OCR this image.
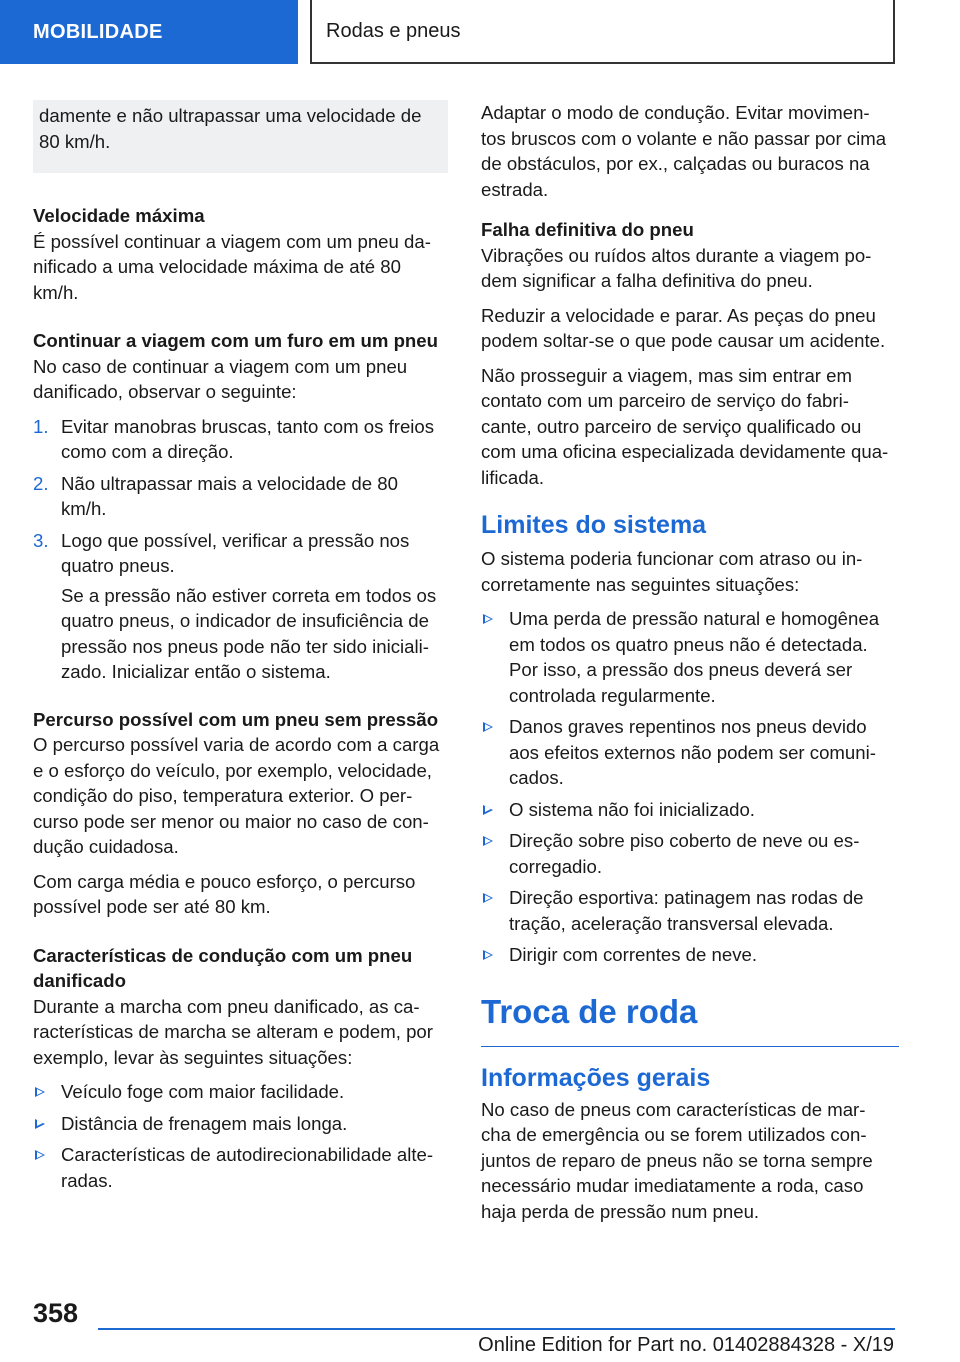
MOBILIDADE	Rodas e pneus
damente e não ultrapassar uma velocidade de 80 km/h.
Velocidade máxima

É possível continuar a viagem com um pneu da‐ nificado a uma velocidade máxima de até 80 km/h.

Continuar a viagem com um furo em um pneu

No caso de continuar a viagem com um pneu danificado, observar o seguinte:

1. Evitar manobras bruscas, tanto com os freios como com a direção.
2. Não ultrapassar mais a velocidade de 80 km/h.
3. Logo que possível, verificar a pressão nos quatro pneus.
Se a pressão não estiver correta em todos os quatro pneus, o indicador de insuficiência de pressão nos pneus pode não ter sido iniciali‐ zado. Inicializar então o sistema.
Percurso possível com um pneu sem pressão

O percurso possível varia de acordo com a carga e o esforço do veículo, por exemplo, velocidade, condição do piso, temperatura exterior. O per‐ curso pode ser menor ou maior no caso de con‐ dução cuidadosa.

Com carga média e pouco esforço, o percurso possível pode ser até 80 km.

Características de condução com um pneu danificado

Durante a marcha com pneu danificado, as ca‐ racterísticas de marcha se alteram e podem, por exemplo, levar às seguintes situações:

Veículo foge com maior facilidade.
Distância de frenagem mais longa.
Características de autodirecionabilidade alte‐ radas.

Adaptar o modo de condução. Evitar movimen‐ tos bruscos com o volante e não passar por cima de obstáculos, por ex., calçadas ou buracos na estrada.

Falha definitiva do pneu

Vibrações ou ruídos altos durante a viagem po‐ dem significar a falha definitiva do pneu.

Reduzir a velocidade e parar. As peças do pneu podem soltar-se o que pode causar um acidente.

Não prosseguir a viagem, mas sim entrar em contato com um parceiro de serviço do fabri‐ cante, outro parceiro de serviço qualificado ou com uma oficina especializada devidamente qua‐ lificada.

Limites do sistema

O sistema poderia funcionar com atraso ou in‐ corretamente nas seguintes situações:

Uma perda de pressão natural e homogênea em todos os quatro pneus não é detectada. Por isso, a pressão dos pneus deverá ser controlada regularmente.
Danos graves repentinos nos pneus devido aos efeitos externos não podem ser comuni‐ cados.
O sistema não foi inicializado.
Direção sobre piso coberto de neve ou es‐ corregadio.
Direção esportiva: patinagem nas rodas de tração, aceleração transversal elevada.
Dirigir com correntes de neve.
Troca de roda
Informações gerais

No caso de pneus com características de mar‐ cha de emergência ou se forem utilizados con‐ juntos de reparo de pneus não se torna sempre necessário mudar imediatamente a roda, caso haja perda de pressão num pneu.

358
Online Edition for Part no. 01402884328 - X/19
